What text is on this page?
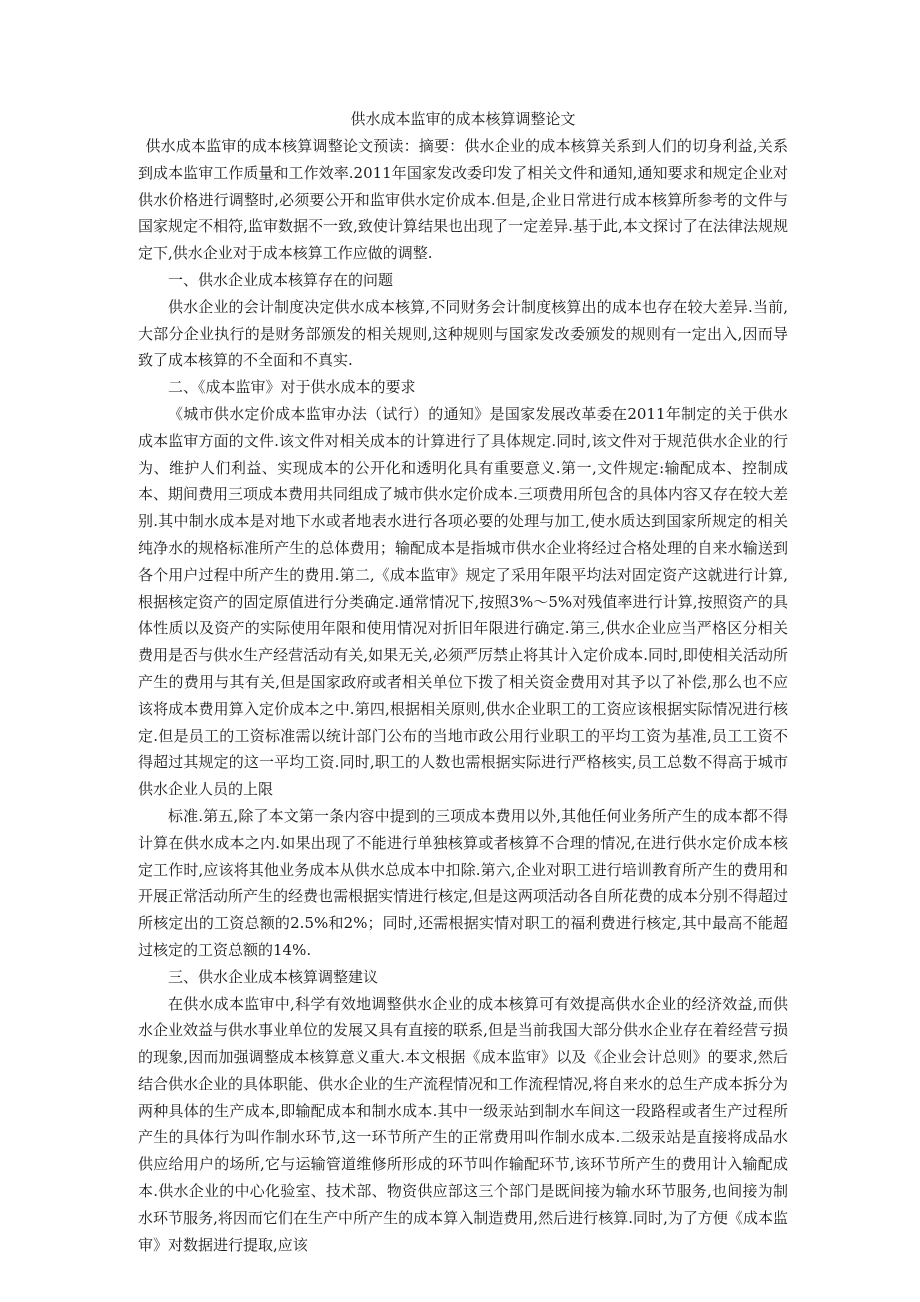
供水成本监审的成本核算调整论文

供水成本监审的成本核算调整论文预读：摘要：供水企业的成本核算关系到人们的切身利益,关系到成本监审工作质量和工作效率.2011年国家发改委印发了相关文件和通知,通知要求和规定企业对供水价格进行调整时,必须要公开和监审供水定价成本.但是,企业日常进行成本核算所参考的文件与国家规定不相符,监审数据不一致,致使计算结果也出现了一定差异.基于此,本文探讨了在法律法规规定下,供水企业对于成本核算工作应做的调整.

一、供水企业成本核算存在的问题

供水企业的会计制度决定供水成本核算,不同财务会计制度核算出的成本也存在较大差异.当前,大部分企业执行的是财务部颁发的相关规则,这种规则与国家发改委颁发的规则有一定出入,因而导致了成本核算的不全面和不真实.

二、《成本监审》对于供水成本的要求

《城市供水定价成本监审办法（试行）的通知》是国家发展改革委在2011年制定的关于供水成本监审方面的文件.该文件对相关成本的计算进行了具体规定.同时,该文件对于规范供水企业的行为、维护人们利益、实现成本的公开化和透明化具有重要意义.第一,文件规定:输配成本、控制成本、期间费用三项成本费用共同组成了城市供水定价成本.三项费用所包含的具体内容又存在较大差别.其中制水成本是对地下水或者地表水进行各项必要的处理与加工,使水质达到国家所规定的相关纯净水的规格标准所产生的总体费用；输配成本是指城市供水企业将经过合格处理的自来水输送到各个用户过程中所产生的费用.第二,《成本监审》规定了采用年限平均法对固定资产这就进行计算,根据核定资产的固定原值进行分类确定.通常情况下,按照3%～5%对残值率进行计算,按照资产的具体性质以及资产的实际使用年限和使用情况对折旧年限进行确定.第三,供水企业应当严格区分相关费用是否与供水生产经营活动有关,如果无关,必须严厉禁止将其计入定价成本.同时,即使相关活动所产生的费用与其有关,但是国家政府或者相关单位下拨了相关资金费用对其予以了补偿,那么也不应该将成本费用算入定价成本之中.第四,根据相关原则,供水企业职工的工资应该根据实际情况进行核定.但是员工的工资标准需以统计部门公布的当地市政公用行业职工的平均工资为基准,员工工资不得超过其规定的这一平均工资.同时,职工的人数也需根据实际进行严格核实,员工总数不得高于城市供水企业人员的上限

标准.第五,除了本文第一条内容中提到的三项成本费用以外,其他任何业务所产生的成本都不得计算在供水成本之内.如果出现了不能进行单独核算或者核算不合理的情况,在进行供水定价成本核定工作时,应该将其他业务成本从供水总成本中扣除.第六,企业对职工进行培训教育所产生的费用和开展正常活动所产生的经费也需根据实情进行核定,但是这两项活动各自所花费的成本分别不得超过所核定出的工资总额的2.5%和2%；同时,还需根据实情对职工的福利费进行核定,其中最高不能超过核定的工资总额的14%.

三、供水企业成本核算调整建议

在供水成本监审中,科学有效地调整供水企业的成本核算可有效提高供水企业的经济效益,而供水企业效益与供水事业单位的发展又具有直接的联系,但是当前我国大部分供水企业存在着经营亏损的现象,因而加强调整成本核算意义重大.本文根据《成本监审》以及《企业会计总则》的要求,然后结合供水企业的具体职能、供水企业的生产流程情况和工作流程情况,将自来水的总生产成本拆分为两种具体的生产成本,即输配成本和制水成本.其中一级汞站到制水车间这一段路程或者生产过程所产生的具体行为叫作制水环节,这一环节所产生的正常费用叫作制水成本.二级汞站是直接将成品水供应给用户的场所,它与运输管道维修所形成的环节叫作输配环节,该环节所产生的费用计入输配成本.供水企业的中心化验室、技术部、物资供应部这三个部门是既间接为输水环节服务,也间接为制水环节服务,将因而它们在生产中所产生的成本算入制造费用,然后进行核算.同时,为了方便《成本监审》对数据进行提取,应该
